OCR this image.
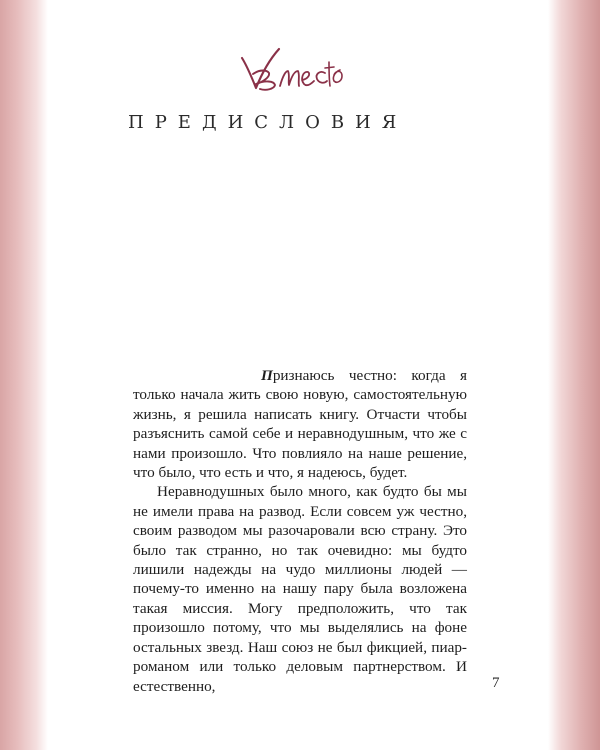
ПРЕДИСЛОВИЯ

Признаюсь честно: когда я только начала жить свою новую, самостоятельную жизнь, я решила написать книгу. Отчасти чтобы разъяснить самой себе и неравнодушным, что же с нами произошло. Что повлияло на наше решение, что было, что есть и что, я надеюсь, будет.

Неравнодушных было много, как будто бы мы не имели права на развод. Если совсем уж честно, своим разводом мы разочаровали всю страну. Это было так странно, но так очевидно: мы будто лишили надежды на чудо миллионы людей — почему-то именно на нашу пару была возложена такая миссия. Могу предположить, что так произошло потому, что мы выделялись на фоне остальных звезд. Наш союз не был фикцией, пиар-романом или только деловым партнерством. И естественно,	7
